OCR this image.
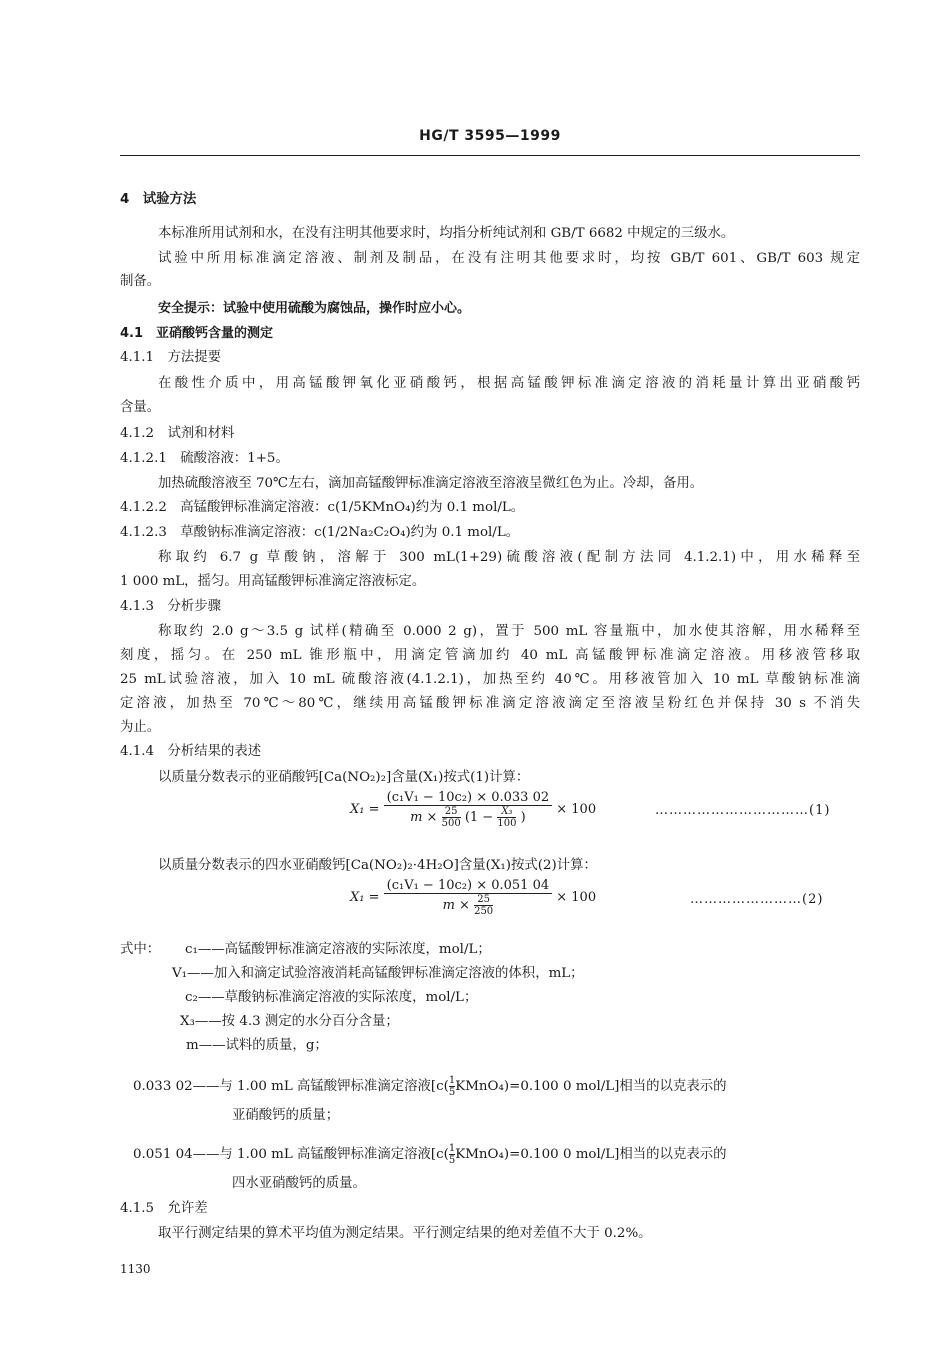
HG/T 3595—1999
4　试验方法
本标准所用试剂和水，在没有注明其他要求时，均指分析纯试剂和 GB/T 6682 中规定的三级水。
试验中所用标准滴定溶液、制剂及制品，在没有注明其他要求时，均按 GB/T 601、GB/T 603 规定
制备。
安全提示：试验中使用硫酸为腐蚀品，操作时应小心。
4.1　亚硝酸钙含量的测定
4.1.1　方法提要
在酸性介质中，用高锰酸钾氧化亚硝酸钙，根据高锰酸钾标准滴定溶液的消耗量计算出亚硝酸钙
含量。
4.1.2　试剂和材料
4.1.2.1　硫酸溶液：1+5。
加热硫酸溶液至 70℃左右，滴加高锰酸钾标准滴定溶液至溶液呈微红色为止。冷却，备用。
4.1.2.2　高锰酸钾标准滴定溶液：c(1/5KMnO₄)约为 0.1 mol/L。
4.1.2.3　草酸钠标准滴定溶液：c(1/2Na₂C₂O₄)约为 0.1 mol/L。
称取约 6.7 g 草酸钠，溶解于 300 mL(1+29)硫酸溶液(配制方法同 4.1.2.1)中，用水稀释至
1 000 mL，摇匀。用高锰酸钾标准滴定溶液标定。
4.1.3　分析步骤
称取约 2.0 g～3.5 g 试样(精确至 0.000 2 g)，置于 500 mL 容量瓶中，加水使其溶解，用水稀释至
刻度，摇匀。在 250 mL 锥形瓶中，用滴定管滴加约 40 mL 高锰酸钾标准滴定溶液。用移液管移取
25 mL试验溶液，加入 10 mL 硫酸溶液(4.1.2.1)，加热至约 40℃。用移液管加入 10 mL 草酸钠标准滴
定溶液，加热至 70℃～80℃，继续用高锰酸钾标准滴定溶液滴定至溶液呈粉红色并保持 30 s 不消失
为止。
4.1.4　分析结果的表述
以质量分数表示的亚硝酸钙[Ca(NO₂)₂]含量(X₁)按式(1)计算：
X₁ =
(c₁V₁ − 10c₂) × 0.033 02
$m \times \frac{25}{500} (1 - \frac{\text{X₃}}{100}$ )
× 100	……………………………(1)
以质量分数表示的四水亚硝酸钙[Ca(NO₂)₂·4H₂O]含量(X₁)按式(2)计算：
$X_1 = \frac{\text{(c₁V₁ − 10c₂) × 0.051 04}}{m \times \frac{25}{250}} \times 100$	……………………(2)
式中： c₁——高锰酸钾标准滴定溶液的实际浓度，mol/L；
V₁——加入和滴定试验溶液消耗高锰酸钾标准滴定溶液的体积，mL；
c₂——草酸钠标准滴定溶液的实际浓度，mol/L；
X₃——按 4.3 测定的水分百分含量；
m——试料的质量，g；
0.033 02——与 1.00 mL 高锰酸钾标准滴定溶液[$c( \frac{1}{5}$ KMnO₄)=0.100 0 mol/L]相当的以克表示的
亚硝酸钙的质量；
0.051 04——与 1.00 mL 高锰酸钾标准滴定溶液[$c( \frac{1}{5}$ KMnO₄)=0.100 0 mol/L]相当的以克表示的
四水亚硝酸钙的质量。
4.1.5　允许差
取平行测定结果的算术平均值为测定结果。平行测定结果的绝对差值不大于 0.2%。
1130
